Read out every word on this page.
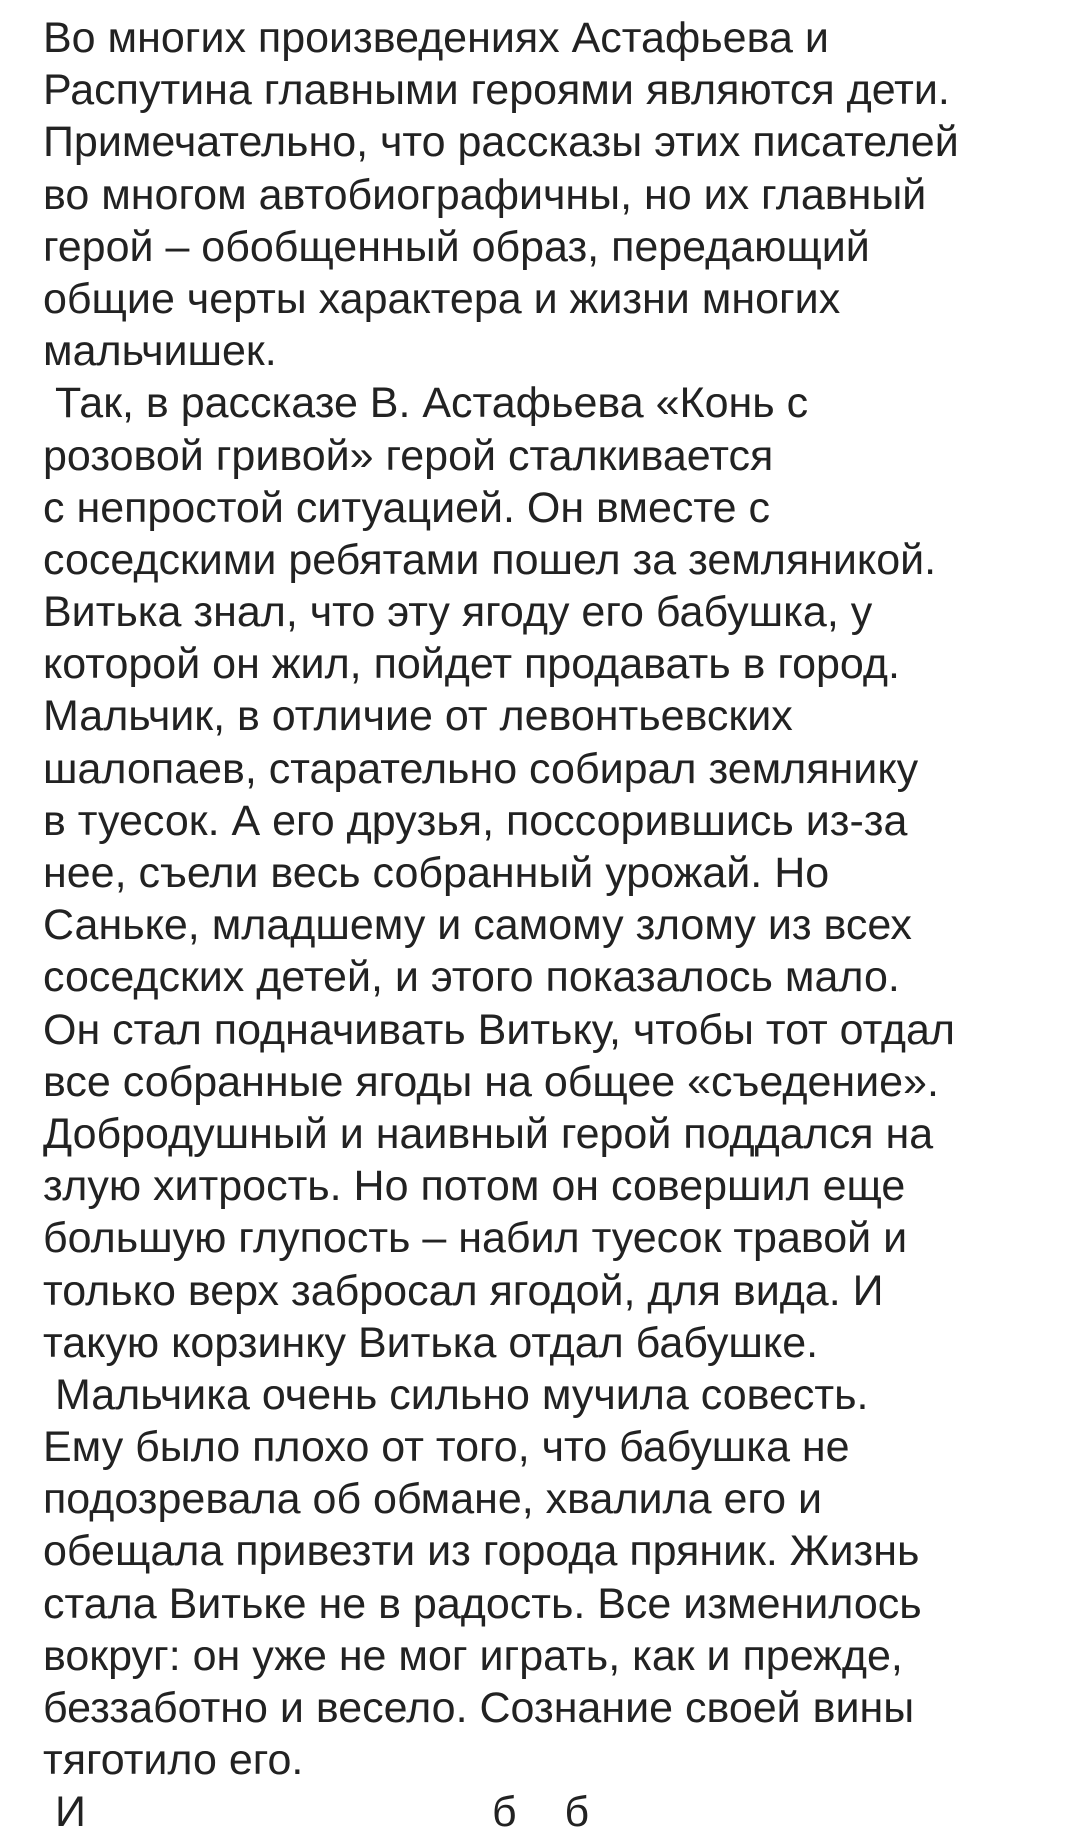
Во многих произведениях Астафьева и
Распутина главными героями являются дети.
Примечательно, что рассказы этих писателей
во многом автобиографичны, но их главный
герой – обобщенный образ, передающий
общие черты характера и жизни многих
мальчишек.
Так, в рассказе В. Астафьева «Конь с
розовой гривой» герой сталкивается
с непростой ситуацией. Он вместе с
соседскими ребятами пошел за земляникой.
Витька знал, что эту ягоду его бабушка, у
которой он жил, пойдет продавать в город.
Мальчик, в отличие от левонтьевских
шалопаев, старательно собирал землянику
в туесок. А его друзья, поссорившись из-за
нее, съели весь собранный урожай. Но
Саньке, младшему и самому злому из всех
соседских детей, и этого показалось мало.
Он стал подначивать Витьку, чтобы тот отдал
все собранные ягоды на общее «съедение».
Добродушный и наивный герой поддался на
злую хитрость. Но потом он совершил еще
большую глупость – набил туесок травой и
только верх забросал ягодой, для вида. И
такую корзинку Витька отдал бабушке.
Мальчика очень сильно мучила совесть.
Ему было плохо от того, что бабушка не
подозревала об обмане, хвалила его и
обещала привезти из города пряник. Жизнь
стала Витьке не в радость. Все изменилось
вокруг: он уже не мог играть, как и прежде,
беззаботно и весело. Сознание своей вины
тяготило его.
И                                  б    б
